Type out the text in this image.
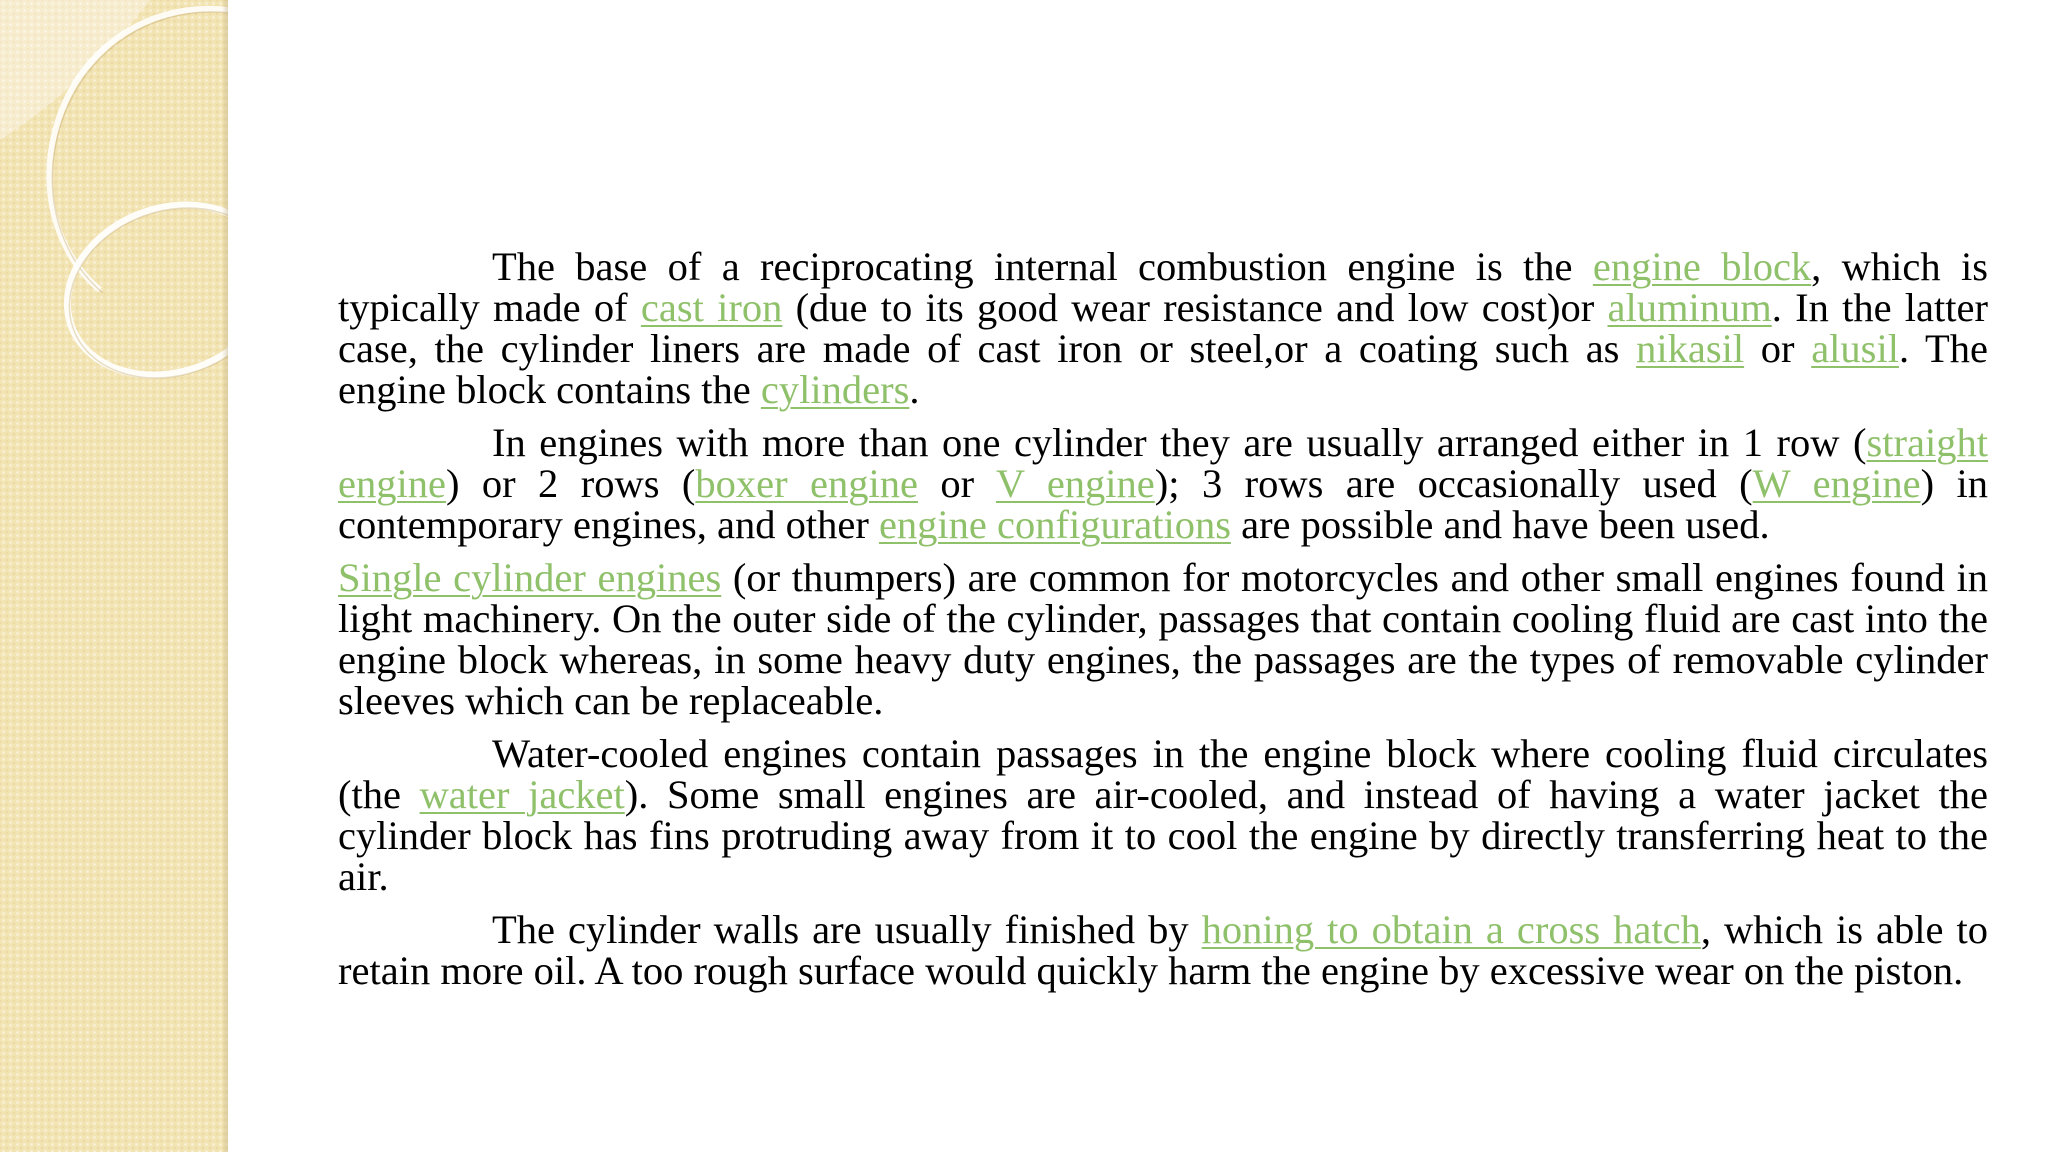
The base of a reciprocating internal combustion engine is the engine block, which is typically made of cast iron (due to its good wear resistance and low cost)or aluminum. In the latter case, the cylinder liners are made of cast iron or steel,or a coating such as nikasil or alusil. The engine block contains the cylinders.

In engines with more than one cylinder they are usually arranged either in 1 row (straight engine) or 2 rows (boxer engine or V engine); 3 rows are occasionally used (W engine) in contemporary engines, and other engine configurations are possible and have been used.

Single cylinder engines (or thumpers) are common for motorcycles and other small engines found in light machinery. On the outer side of the cylinder, passages that contain cooling fluid are cast into the engine block whereas, in some heavy duty engines, the passages are the types of removable cylinder sleeves which can be replaceable.

Water-cooled engines contain passages in the engine block where cooling fluid circulates (the water jacket). Some small engines are air-cooled, and instead of having a water jacket the cylinder block has fins protruding away from it to cool the engine by directly transferring heat to the air.

The cylinder walls are usually finished by honing to obtain a cross hatch, which is able to retain more oil. A too rough surface would quickly harm the engine by excessive wear on the piston.
